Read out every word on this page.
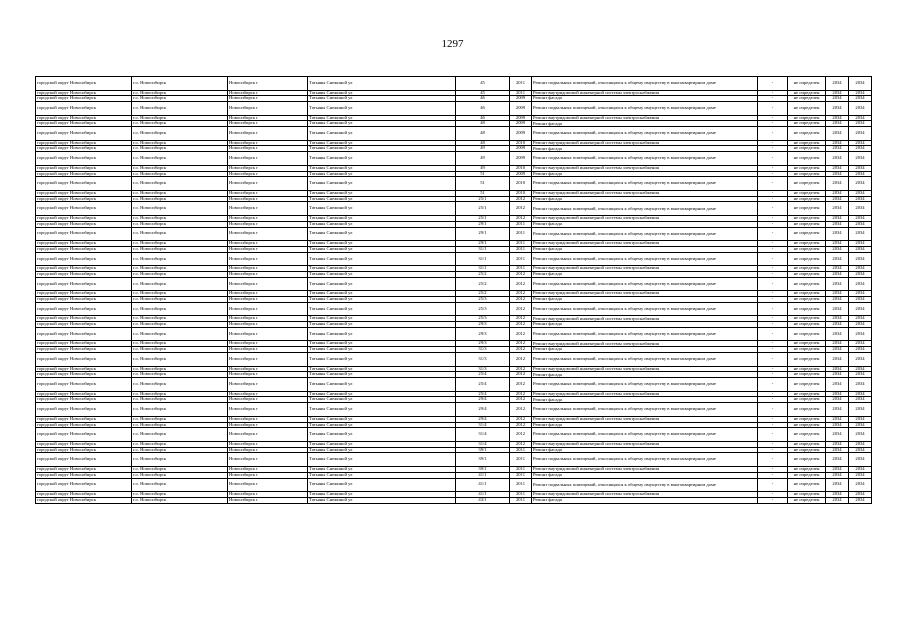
1297
городской округ Новосибирск	г.о. Новосибирск	Новосибирск г	Татьяны Снежиной ул	45	2011	Ремонт подвальных помещений, относящихся к общему имуществу в многоквартирном доме	-	не определен	2034	2034
городской округ Новосибирск	г.о. Новосибирск	Новосибирск г	Татьяны Снежиной ул	45	2011	Ремонт внутридомовой инженерной системы электроснабжения	-	не определен	2034	2034
городской округ Новосибирск	г.о. Новосибирск	Новосибирск г	Татьяны Снежиной ул	46	2009	Ремонт фасада	-	не определен	2034	2034
городской округ Новосибирск	г.о. Новосибирск	Новосибирск г	Татьяны Снежиной ул	46	2009	Ремонт подвальных помещений, относящихся к общему имуществу в многоквартирном доме	-	не определен	2034	2034
городской округ Новосибирск	г.о. Новосибирск	Новосибирск г	Татьяны Снежиной ул	46	2009	Ремонт внутридомовой инженерной системы электроснабжения	-	не определен	2034	2034
городской округ Новосибирск	г.о. Новосибирск	Новосибирск г	Татьяны Снежиной ул	48	2009	Ремонт фасада	-	не определен	2034	2034
городской округ Новосибирск	г.о. Новосибирск	Новосибирск г	Татьяны Снежиной ул	48	2009	Ремонт подвальных помещений, относящихся к общему имуществу в многоквартирном доме	-	не определен	2034	2034
городской округ Новосибирск	г.о. Новосибирск	Новосибирск г	Татьяны Снежиной ул	48	2010	Ремонт внутридомовой инженерной системы электроснабжения	-	не определен	2034	2034
городской округ Новосибирск	г.о. Новосибирск	Новосибирск г	Татьяны Снежиной ул	49	2009	Ремонт фасада	-	не определен	2034	2034
городской округ Новосибирск	г.о. Новосибирск	Новосибирск г	Татьяны Снежиной ул	49	2009	Ремонт подвальных помещений, относящихся к общему имуществу в многоквартирном доме	-	не определен	2034	2034
городской округ Новосибирск	г.о. Новосибирск	Новосибирск г	Татьяны Снежиной ул	49	2010	Ремонт внутридомовой инженерной системы электроснабжения	-	не определен	2034	2034
городской округ Новосибирск	г.о. Новосибирск	Новосибирск г	Татьяны Снежиной ул	51	2009	Ремонт фасада	-	не определен	2034	2034
городской округ Новосибирск	г.о. Новосибирск	Новосибирск г	Татьяны Снежиной ул	51	2010	Ремонт подвальных помещений, относящихся к общему имуществу в многоквартирном доме	-	не определен	2034	2034
городской округ Новосибирск	г.о. Новосибирск	Новосибирск г	Татьяны Снежиной ул	51	2010	Ремонт внутридомовой инженерной системы электроснабжения	-	не определен	2034	2034
городской округ Новосибирск	г.о. Новосибирск	Новосибирск г	Татьяны Снежиной ул	25/1	2012	Ремонт фасада	-	не определен	2034	2034
городской округ Новосибирск	г.о. Новосибирск	Новосибирск г	Татьяны Снежиной ул	25/1	2012	Ремонт подвальных помещений, относящихся к общему имуществу в многоквартирном доме	-	не определен	2034	2034
городской округ Новосибирск	г.о. Новосибирск	Новосибирск г	Татьяны Снежиной ул	25/1	2012	Ремонт внутридомовой инженерной системы электроснабжения	-	не определен	2034	2034
городской округ Новосибирск	г.о. Новосибирск	Новосибирск г	Татьяны Снежиной ул	29/1	2011	Ремонт фасада	-	не определен	2034	2034
городской округ Новосибирск	г.о. Новосибирск	Новосибирск г	Татьяны Снежиной ул	29/1	2011	Ремонт подвальных помещений, относящихся к общему имуществу в многоквартирном доме	-	не определен	2034	2034
городской округ Новосибирск	г.о. Новосибирск	Новосибирск г	Татьяны Снежиной ул	29/1	2011	Ремонт внутридомовой инженерной системы электроснабжения	-	не определен	2034	2034
городской округ Новосибирск	г.о. Новосибирск	Новосибирск г	Татьяны Снежиной ул	31/1	2011	Ремонт фасада	-	не определен	2034	2034
городской округ Новосибирск	г.о. Новосибирск	Новосибирск г	Татьяны Снежиной ул	31/1	2011	Ремонт подвальных помещений, относящихся к общему имуществу в многоквартирном доме	-	не определен	2034	2034
городской округ Новосибирск	г.о. Новосибирск	Новосибирск г	Татьяны Снежиной ул	31/1	2011	Ремонт внутридомовой инженерной системы электроснабжения	-	не определен	2034	2034
городской округ Новосибирск	г.о. Новосибирск	Новосибирск г	Татьяны Снежиной ул	25/2	2012	Ремонт фасада	-	не определен	2034	2034
городской округ Новосибирск	г.о. Новосибирск	Новосибирск г	Татьяны Снежиной ул	25/2	2012	Ремонт подвальных помещений, относящихся к общему имуществу в многоквартирном доме	-	не определен	2034	2034
городской округ Новосибирск	г.о. Новосибирск	Новосибирск г	Татьяны Снежиной ул	25/2	2012	Ремонт внутридомовой инженерной системы электроснабжения	-	не определен	2034	2034
городской округ Новосибирск	г.о. Новосибирск	Новосибирск г	Татьяны Снежиной ул	25/3	2012	Ремонт фасада	-	не определен	2034	2034
городской округ Новосибирск	г.о. Новосибирск	Новосибирск г	Татьяны Снежиной ул	25/3	2012	Ремонт подвальных помещений, относящихся к общему имуществу в многоквартирном доме	-	не определен	2034	2034
городской округ Новосибирск	г.о. Новосибирск	Новосибирск г	Татьяны Снежиной ул	25/3	2012	Ремонт внутридомовой инженерной системы электроснабжения	-	не определен	2034	2034
городской округ Новосибирск	г.о. Новосибирск	Новосибирск г	Татьяны Снежиной ул	29/3	2012	Ремонт фасада	-	не определен	2034	2034
городской округ Новосибирск	г.о. Новосибирск	Новосибирск г	Татьяны Снежиной ул	29/3	2012	Ремонт подвальных помещений, относящихся к общему имуществу в многоквартирном доме	-	не определен	2034	2034
городской округ Новосибирск	г.о. Новосибирск	Новосибирск г	Татьяны Снежиной ул	29/3	2012	Ремонт внутридомовой инженерной системы электроснабжения	-	не определен	2034	2034
городской округ Новосибирск	г.о. Новосибирск	Новосибирск г	Татьяны Снежиной ул	31/3	2012	Ремонт фасада	-	не определен	2034	2034
городской округ Новосибирск	г.о. Новосибирск	Новосибирск г	Татьяны Снежиной ул	31/3	2012	Ремонт подвальных помещений, относящихся к общему имуществу в многоквартирном доме	-	не определен	2034	2034
городской округ Новосибирск	г.о. Новосибирск	Новосибирск г	Татьяны Снежиной ул	31/3	2012	Ремонт внутридомовой инженерной системы электроснабжения	-	не определен	2034	2034
городской округ Новосибирск	г.о. Новосибирск	Новосибирск г	Татьяны Снежиной ул	25/4	2012	Ремонт фасада	-	не определен	2034	2034
городской округ Новосибирск	г.о. Новосибирск	Новосибирск г	Татьяны Снежиной ул	25/4	2012	Ремонт подвальных помещений, относящихся к общему имуществу в многоквартирном доме	-	не определен	2034	2034
городской округ Новосибирск	г.о. Новосибирск	Новосибирск г	Татьяны Снежиной ул	25/4	2012	Ремонт внутридомовой инженерной системы электроснабжения	-	не определен	2034	2034
городской округ Новосибирск	г.о. Новосибирск	Новосибирск г	Татьяны Снежиной ул	29/4	2012	Ремонт фасада	-	не определен	2034	2034
городской округ Новосибирск	г.о. Новосибирск	Новосибирск г	Татьяны Снежиной ул	29/4	2012	Ремонт подвальных помещений, относящихся к общему имуществу в многоквартирном доме	-	не определен	2034	2034
городской округ Новосибирск	г.о. Новосибирск	Новосибирск г	Татьяны Снежиной ул	29/4	2012	Ремонт внутридомовой инженерной системы электроснабжения	-	не определен	2034	2034
городской округ Новосибирск	г.о. Новосибирск	Новосибирск г	Татьяны Снежиной ул	31/4	2012	Ремонт фасада	-	не определен	2034	2034
городской округ Новосибирск	г.о. Новосибирск	Новосибирск г	Татьяны Снежиной ул	31/4	2012	Ремонт подвальных помещений, относящихся к общему имуществу в многоквартирном доме	-	не определен	2034	2034
городской округ Новосибирск	г.о. Новосибирск	Новосибирск г	Татьяны Снежиной ул	31/4	2012	Ремонт внутридомовой инженерной системы электроснабжения	-	не определен	2034	2034
городской округ Новосибирск	г.о. Новосибирск	Новосибирск г	Татьяны Снежиной ул	39/1	2011	Ремонт фасада	-	не определен	2034	2034
городской округ Новосибирск	г.о. Новосибирск	Новосибирск г	Татьяны Снежиной ул	39/1	2011	Ремонт подвальных помещений, относящихся к общему имуществу в многоквартирном доме	-	не определен	2034	2034
городской округ Новосибирск	г.о. Новосибирск	Новосибирск г	Татьяны Снежиной ул	39/1	2011	Ремонт внутридомовой инженерной системы электроснабжения	-	не определен	2034	2034
городской округ Новосибирск	г.о. Новосибирск	Новосибирск г	Татьяны Снежиной ул	41/1	2011	Ремонт фасада	-	не определен	2034	2034
городской округ Новосибирск	г.о. Новосибирск	Новосибирск г	Татьяны Снежиной ул	41/1	2011	Ремонт подвальных помещений, относящихся к общему имуществу в многоквартирном доме	-	не определен	2034	2034
городской округ Новосибирск	г.о. Новосибирск	Новосибирск г	Татьяны Снежиной ул	41/1	2011	Ремонт внутридомовой инженерной системы электроснабжения	-	не определен	2034	2034
городской округ Новосибирск	г.о. Новосибирск	Новосибирск г	Татьяны Снежиной ул	43/1	2011	Ремонт фасада	-	не определен	2034	2034
